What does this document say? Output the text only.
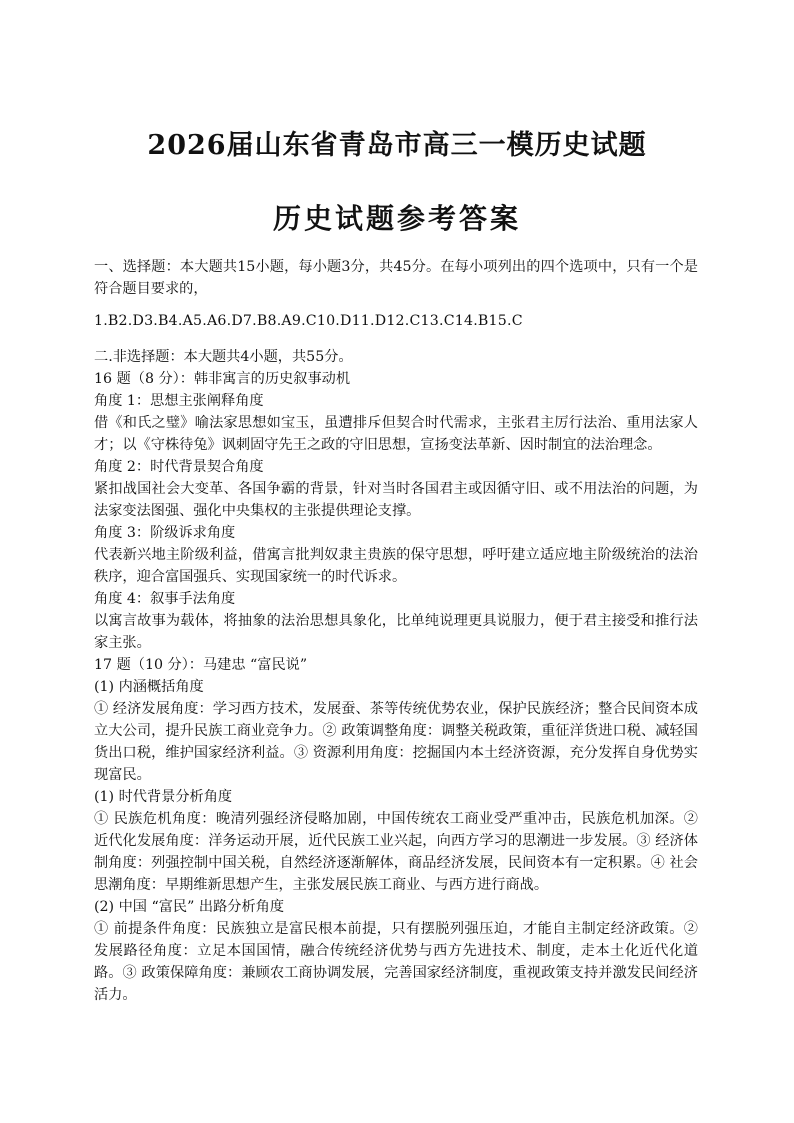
2026届山东省青岛市高三一模历史试题
历史试题参考答案

一、选择题：本大题共15小题，每小题3分，共45分。在每小项列出的四个选项中，只有一个是符合题目要求的，

1.B2.D3.B4.A5.A6.D7.B8.A9.C10.D11.D12.C13.C14.B15.C

二.非选择题：本大题共4小题，共55分。

16 题（8 分）：韩非寓言的历史叙事动机

角度 1：思想主张阐释角度

借《和氏之璧》喻法家思想如宝玉，虽遭排斥但契合时代需求，主张君主厉行法治、重用法家人才；以《守株待兔》讽刺固守先王之政的守旧思想，宣扬变法革新、因时制宜的法治理念。

角度 2：时代背景契合角度

紧扣战国社会大变革、各国争霸的背景，针对当时各国君主或因循守旧、或不用法治的问题，为法家变法图强、强化中央集权的主张提供理论支撑。

角度 3：阶级诉求角度

代表新兴地主阶级利益，借寓言批判奴隶主贵族的保守思想，呼吁建立适应地主阶级统治的法治秩序，迎合富国强兵、实现国家统一的时代诉求。

角度 4：叙事手法角度

以寓言故事为载体，将抽象的法治思想具象化，比单纯说理更具说服力，便于君主接受和推行法家主张。

17 题（10 分）：马建忠 “富民说”

(1) 内涵概括角度

① 经济发展角度：学习西方技术，发展蚕、茶等传统优势农业，保护民族经济；整合民间资本成立大公司，提升民族工商业竞争力。② 政策调整角度：调整关税政策，重征洋货进口税、减轻国货出口税，维护国家经济利益。③ 资源利用角度：挖掘国内本土经济资源，充分发挥自身优势实现富民。

(1) 时代背景分析角度

① 民族危机角度：晚清列强经济侵略加剧，中国传统农工商业受严重冲击，民族危机加深。② 近代化发展角度：洋务运动开展，近代民族工业兴起，向西方学习的思潮进一步发展。③ 经济体制角度：列强控制中国关税，自然经济逐渐解体，商品经济发展，民间资本有一定积累。④ 社会思潮角度：早期维新思想产生，主张发展民族工商业、与西方进行商战。

(2) 中国 “富民” 出路分析角度

① 前提条件角度：民族独立是富民根本前提，只有摆脱列强压迫，才能自主制定经济政策。② 发展路径角度：立足本国国情，融合传统经济优势与西方先进技术、制度，走本土化近代化道路。③ 政策保障角度：兼顾农工商协调发展，完善国家经济制度，重视政策支持并激发民间经济活力。
